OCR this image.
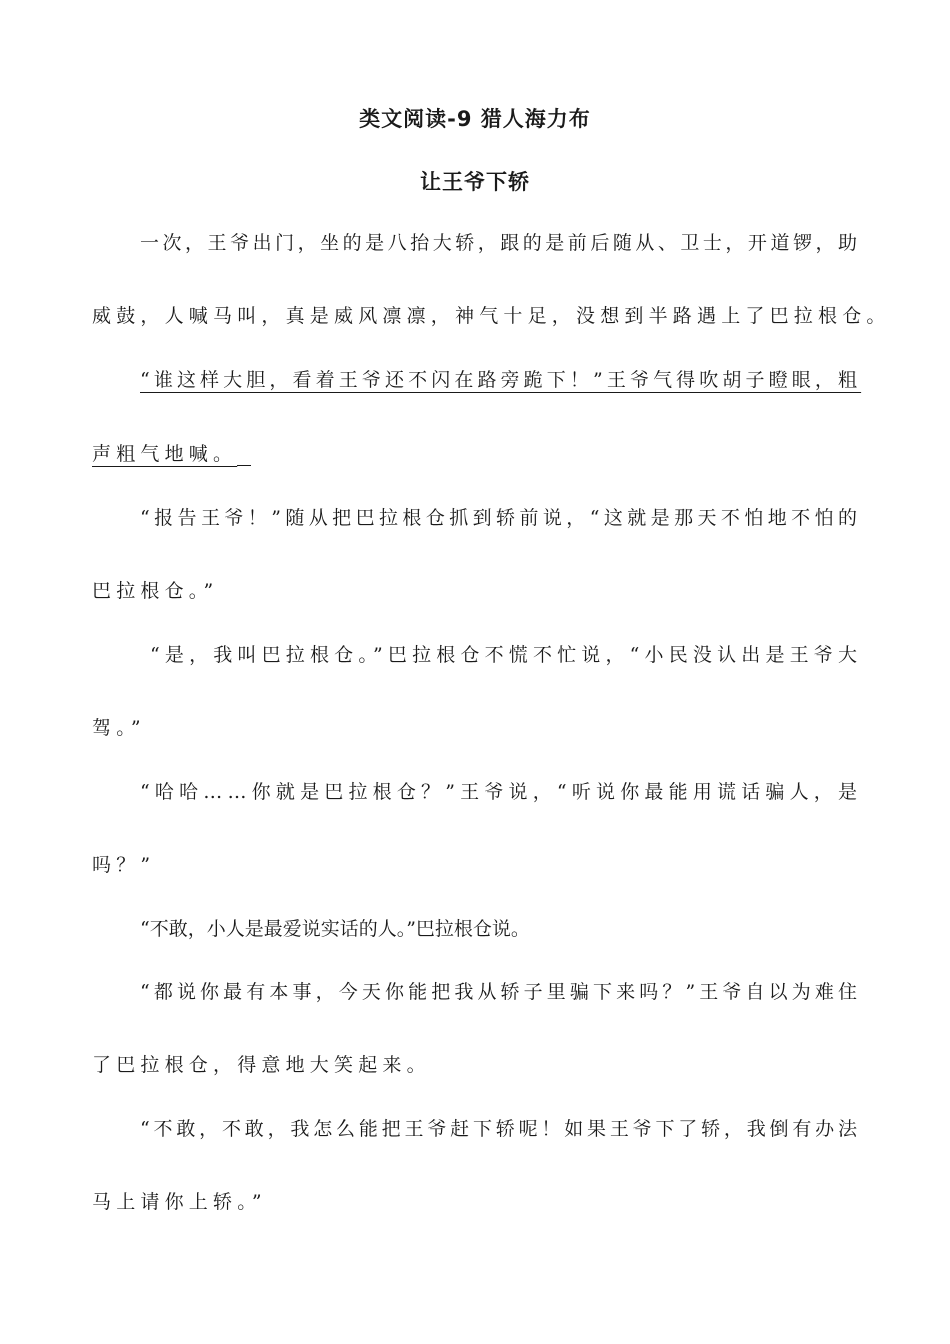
类文阅读-9 猎人海力布
让王爷下轿
一次，王爷出门，坐的是八抬大轿，跟的是前后随从、卫士，开道锣，助
威鼓，人喊马叫，真是威风凛凛，神气十足，没想到半路遇上了巴拉根仓。
“谁这样大胆，看着王爷还不闪在路旁跪下！”王爷气得吹胡子瞪眼，粗
声粗气地喊。
“报告王爷！”随从把巴拉根仓抓到轿前说，“这就是那天不怕地不怕的
巴拉根仓。”
“是，我叫巴拉根仓。”巴拉根仓不慌不忙说，“小民没认出是王爷大
驾。”
“哈哈……你就是巴拉根仓？”王爷说，“听说你最能用谎话骗人，是
吗？”
“不敢，小人是最爱说实话的人。”巴拉根仓说。
“都说你最有本事，今天你能把我从轿子里骗下来吗？”王爷自以为难住
了巴拉根仓，得意地大笑起来。
“不敢，不敢，我怎么能把王爷赶下轿呢！如果王爷下了轿，我倒有办法
马上请你上轿。”
